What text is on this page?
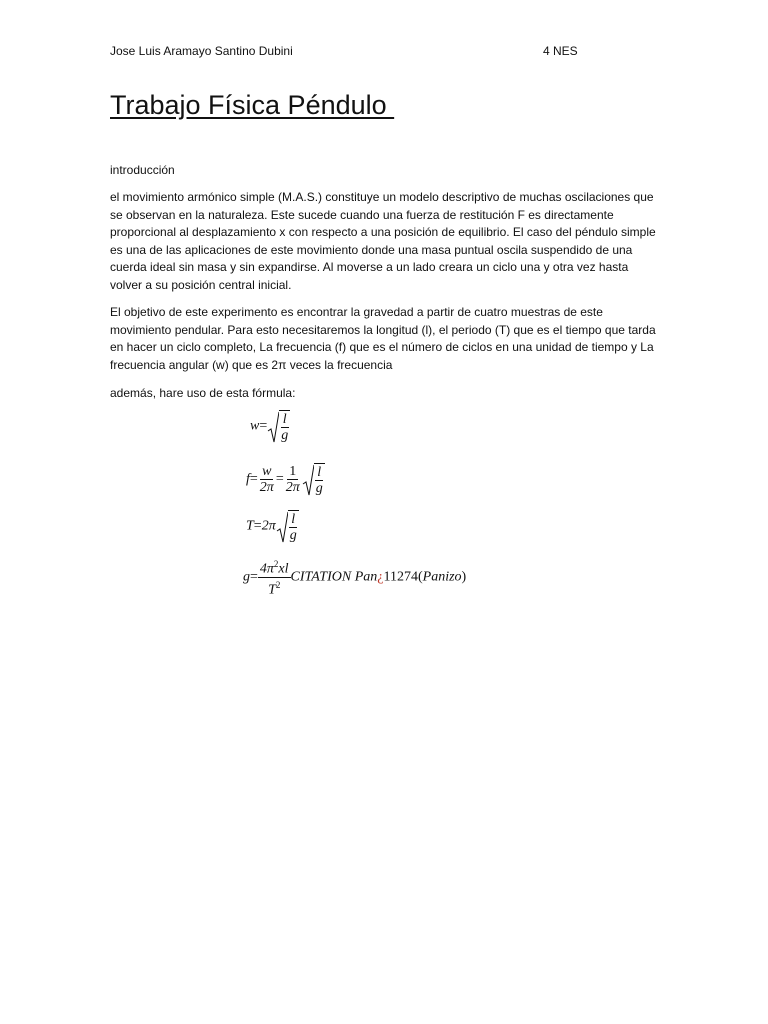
Jose Luis Aramayo Santino Dubini	4 NES
Trabajo Física Péndulo
introducción
el movimiento armónico simple (M.A.S.) constituye un modelo descriptivo de muchas oscilaciones que se observan en la naturaleza. Este sucede cuando una fuerza de restitución F es directamente proporcional al desplazamiento x con respecto a una posición de equilibrio. El caso del péndulo simple es una de las aplicaciones de este movimiento donde una masa puntual oscila suspendido de una cuerda ideal sin masa y sin expandirse. Al moverse a un lado creara un ciclo una y otra vez hasta volver a su posición central inicial.
El objetivo de este experimento es encontrar la gravedad a partir de cuatro muestras de este movimiento pendular. Para esto necesitaremos la longitud (l), el periodo (T) que es el tiempo que tarda en hacer un ciclo completo, La frecuencia (f) que es el número de ciclos en una unidad de tiempo y La frecuencia angular (w) que es 2π veces la frecuencia
además, hare uso de esta fórmula:
$w= \frac{l}{g}$
$f= \frac{w}{2\pi} = \frac{1}{2\pi} \frac{l}{g}$
$T=2\pi \frac{l}{g}$
$g= \frac{4\pi^2xl}{T^2}$ CITATION Pan¿11274(Panizo)
